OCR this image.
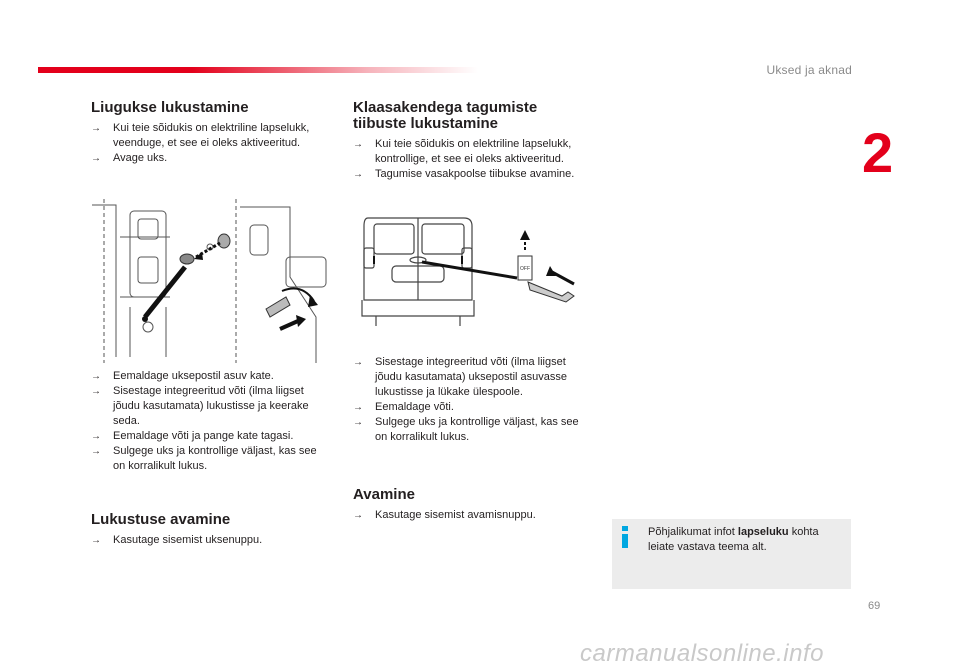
Uksed ja aknad
2
Liugukse lukustamine
→ Kui teie sõidukis on elektriline lapselukk, veenduge, et see ei oleks aktiveeritud.
→ Avage uks.
→ Eemaldage uksepostil asuv kate.
→ Sisestage integreeritud võti (ilma liigset jõudu kasutamata) lukustisse ja keerake seda.
→ Eemaldage võti ja pange kate tagasi.
→ Sulgege uks ja kontrollige väljast, kas see on korralikult lukus.
Lukustuse avamine
→ Kasutage sisemist uksenuppu.
Klaasakendega tagumiste
tiibuste lukustamine
→ Kui teie sõidukis on elektriline lapselukk, kontrollige, et see ei oleks aktiveeritud.
→ Tagumise vasakpoolse tiibukse avamine.
OFF
→ Sisestage integreeritud võti (ilma liigset jõudu kasutamata) uksepostil asuvasse lukustisse ja lükake ülespoole.
→ Eemaldage võti.
→ Sulgege uks ja kontrollige väljast, kas see on korralikult lukus.
Avamine
→ Kasutage sisemist avamisnuppu.
Põhjalikumat infot lapseluku kohta leiate vastava teema alt.
69
carmanualsonline.info
